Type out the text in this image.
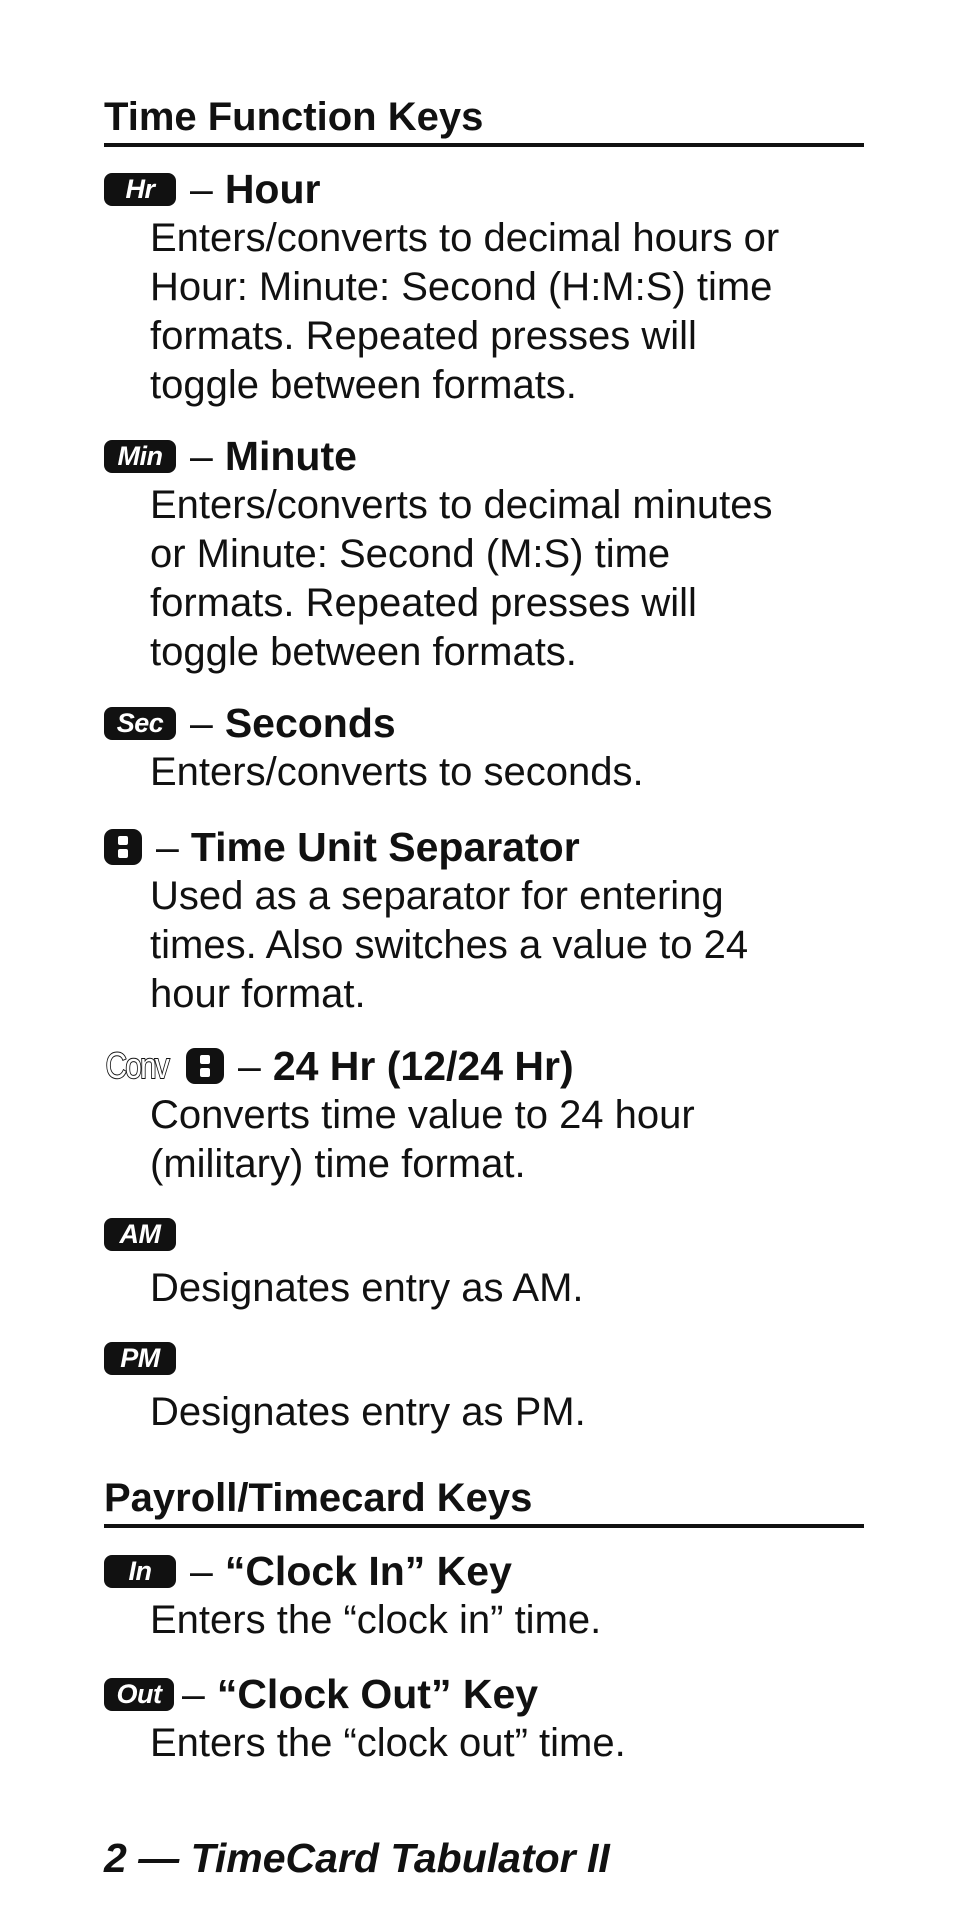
Time Function Keys
Hr – Hour
Enters/converts to decimal hours or
Hour: Minute: Second (H:M:S) time
formats. Repeated presses will
toggle between formats.
Min – Minute
Enters/converts to decimal minutes
or Minute: Second (M:S) time
formats. Repeated presses will
toggle between formats.
Sec – Seconds
Enters/converts to seconds.
– Time Unit Separator
Used as a separator for entering
times. Also switches a value to 24
hour format.
Conv – 24 Hr (12/24 Hr)
Converts time value to 24 hour
(military) time format.
AM
Designates entry as AM.
PM
Designates entry as PM.
Payroll/Timecard Keys
In – “Clock In” Key
Enters the “clock in” time.
Out – “Clock Out” Key
Enters the “clock out” time.
2 — TimeCard Tabulator II
